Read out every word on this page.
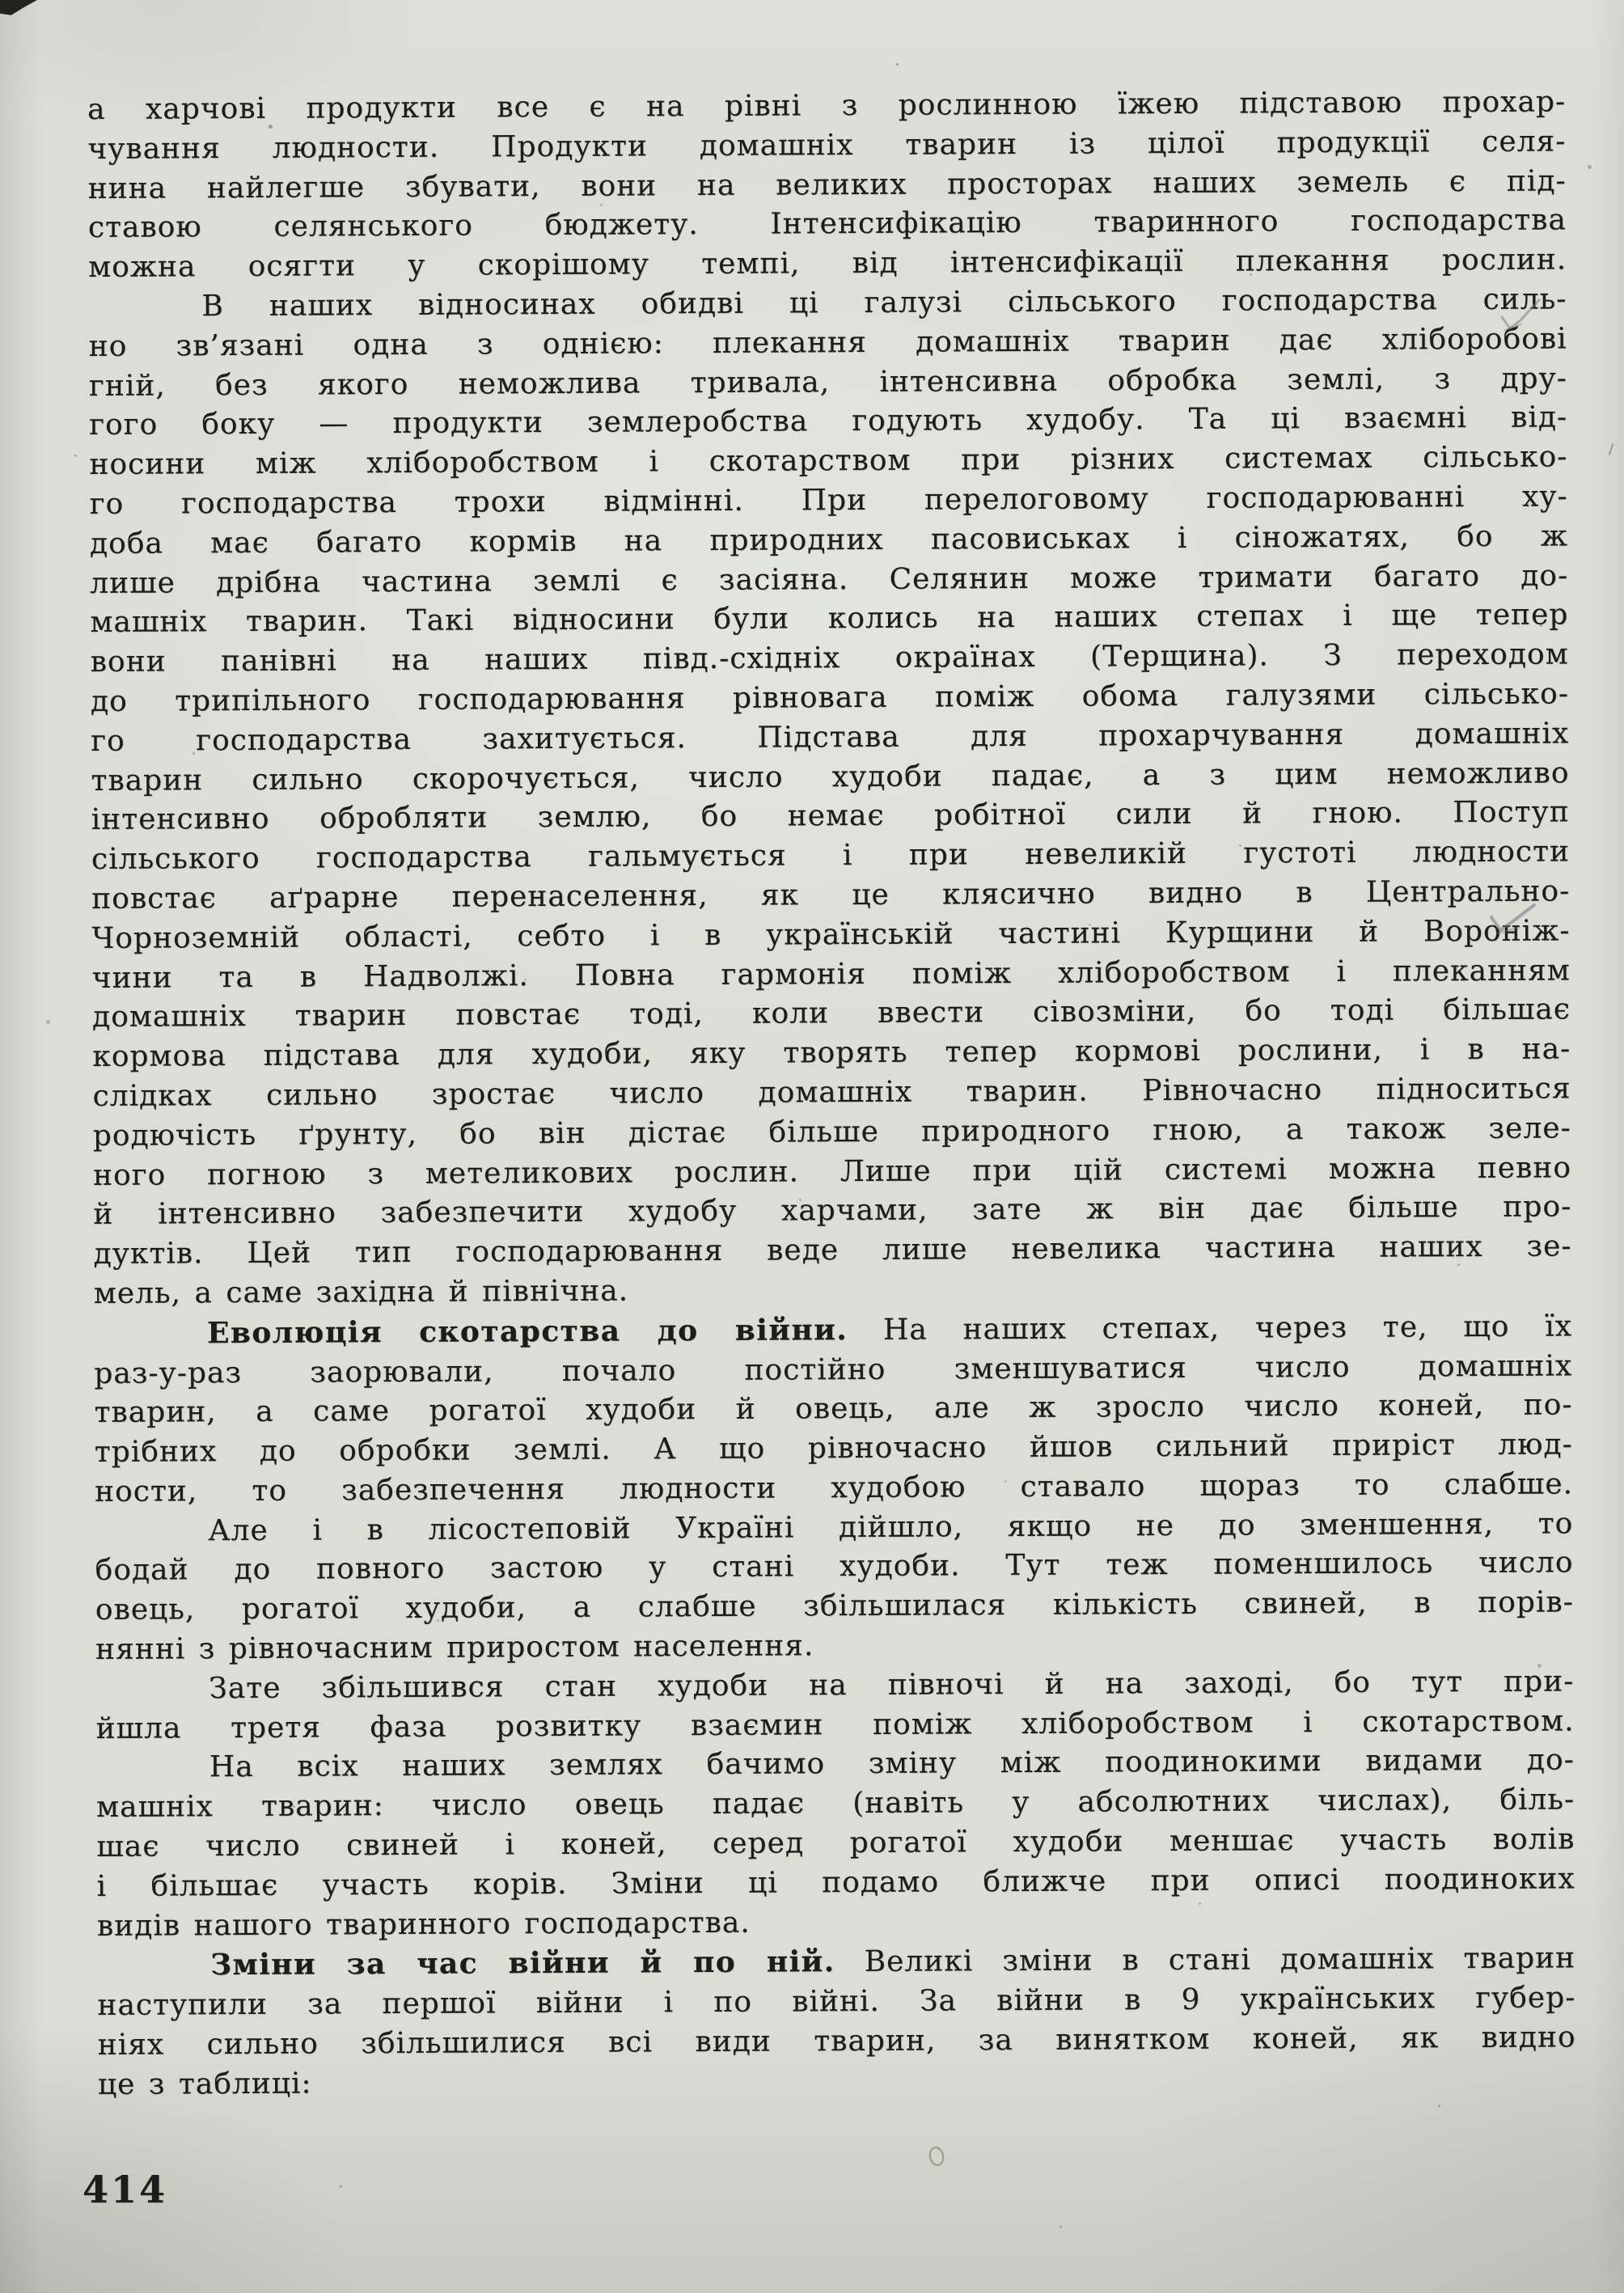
а харчові продукти все є на рівні з рослинною їжею підставою прохар-
чування людности. Продукти домашніх тварин із цілої продукції селя-
нина найлегше збувати, вони на великих просторах наших земель є під-
ставою селянського бюджету. Інтенсифікацію тваринного господарства
можна осягти у скорішому темпі, від інтенсифікації плекання рослин.
В наших відносинах обидві ці галузі сільського господарства силь-
но зв’язані одна з однією: плекання домашніх тварин дає хліборобові
гній, без якого неможлива тривала, інтенсивна обробка землі, з дру-
гого боку — продукти землеробства годують худобу. Та ці взаємні від-
носини між хліборобством і скотарством при різних системах сільсько-
го господарства трохи відмінні. При перелоговому господарюванні ху-
доба має багато кормів на природних пасовиськах і сіножатях, бо ж
лише дрібна частина землі є засіяна. Селянин може тримати багато до-
машніх тварин. Такі відносини були колись на наших степах і ще тепер
вони панівні на наших півд.-східніх окраїнах (Терщина). З переходом
до трипільного господарювання рівновага поміж обома галузями сільсько-
го господарства захитується. Підстава для прохарчування домашніх
тварин сильно скорочується, число худоби падає, а з цим неможливо
інтенсивно обробляти землю, бо немає робітної сили й гною. Поступ
сільського господарства гальмується і при невеликій густоті людности
повстає аґрарне перенаселення, як це клясично видно в Центрально-
Чорноземній області, себто і в українській частині Курщини й Вороніж-
чини та в Надволжі. Повна гармонія поміж хліборобством і плеканням
домашніх тварин повстає тоді, коли ввести сівозміни, бо тоді більшає
кормова підстава для худоби, яку творять тепер кормові рослини, і в на-
слідках сильно зростає число домашніх тварин. Рівночасно підноситься
родючість ґрунту, бо він дістає більше природного гною, а також зеле-
ного погною з метеликових рослин. Лише при цій системі можна певно
й інтенсивно забезпечити худобу харчами, зате ж він дає більше про-
дуктів. Цей тип господарювання веде лише невелика частина наших зе-
мель, а саме західна й північна.
Еволюція скотарства до війни. На наших степах, через те, що їх
раз-у-раз заорювали, почало постійно зменшуватися число домашніх
тварин, а саме рогатої худоби й овець, але ж зросло число коней, по-
трібних до обробки землі. А що рівночасно йшов сильний приріст люд-
ности, то забезпечення людности худобою ставало щораз то слабше.
Але і в лісостеповій Україні дійшло, якщо не до зменшення, то
бодай до повного застою у стані худоби. Тут теж поменшилось число
овець, рогатої худоби, а слабше збільшилася кількість свиней, в порів-
нянні з рівночасним приростом населення.
Зате збільшився стан худоби на півночі й на заході, бо тут при-
йшла третя фаза розвитку взаємин поміж хліборобством і скотарством.
На всіх наших землях бачимо зміну між поодинокими видами до-
машніх тварин: число овець падає (навіть у абсолютних числах), біль-
шає число свиней і коней, серед рогатої худоби меншає участь волів
і більшає участь корів. Зміни ці подамо ближче при описі поодиноких
видів нашого тваринного господарства.
Зміни за час війни й по ній. Великі зміни в стані домашніх тварин
наступили за першої війни і по війні. За війни в 9 українських губер-
ніях сильно збільшилися всі види тварин, за винятком коней, як видно
це з таблиці:
414
